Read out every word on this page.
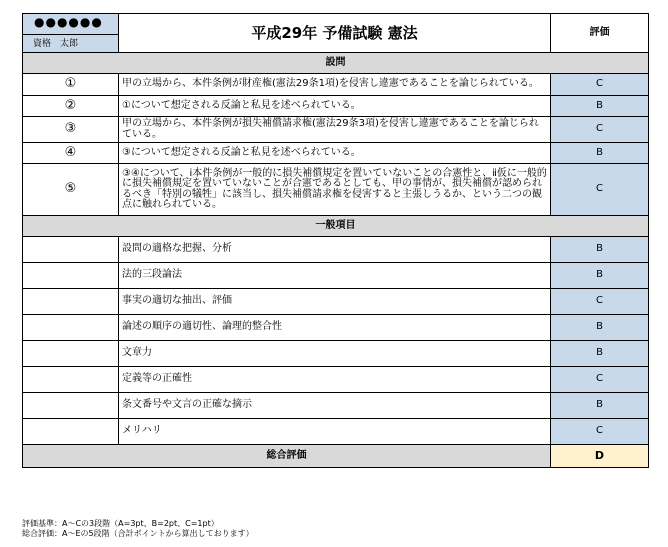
●●●●●●
資格　太郎	平成29年 予備試験 憲法	評価
設問		
①	甲の立場から、本件条例が財産権(憲法29条1項)を侵害し違憲であることを論じられている。	C
②	①について想定される反論と私見を述べられている。	B
③	甲の立場から、本件条例が損失補償請求権(憲法29条3項)を侵害し違憲であることを論じられている。	C
④	③について想定される反論と私見を述べられている。	B
⑤	③④について、ⅰ本件条例が一般的に損失補償規定を置いていないことの合憲性と、ⅱ仮に一般的に損失補償規定を置いていないことが合憲であるとしても、甲の事情が、損失補償が認められるべき「特別の犠牲」に該当し、損失補償請求権を侵害すると主張しうるか、という二つの観点に触れられている。	C
一般項目		
	設問の適格な把握、分析	B
	法的三段論法	B
	事実の適切な抽出、評価	C
	論述の順序の適切性、論理的整合性	B
	文章力	B
	定義等の正確性	C
	条文番号や文言の正確な摘示	B
	メリハリ	C
総合評価		D
評価基準：A～Cの3段階（A=3pt、B=2pt、C=1pt）
総合評価：A～Eの5段階（合計ポイントから算出しております）
